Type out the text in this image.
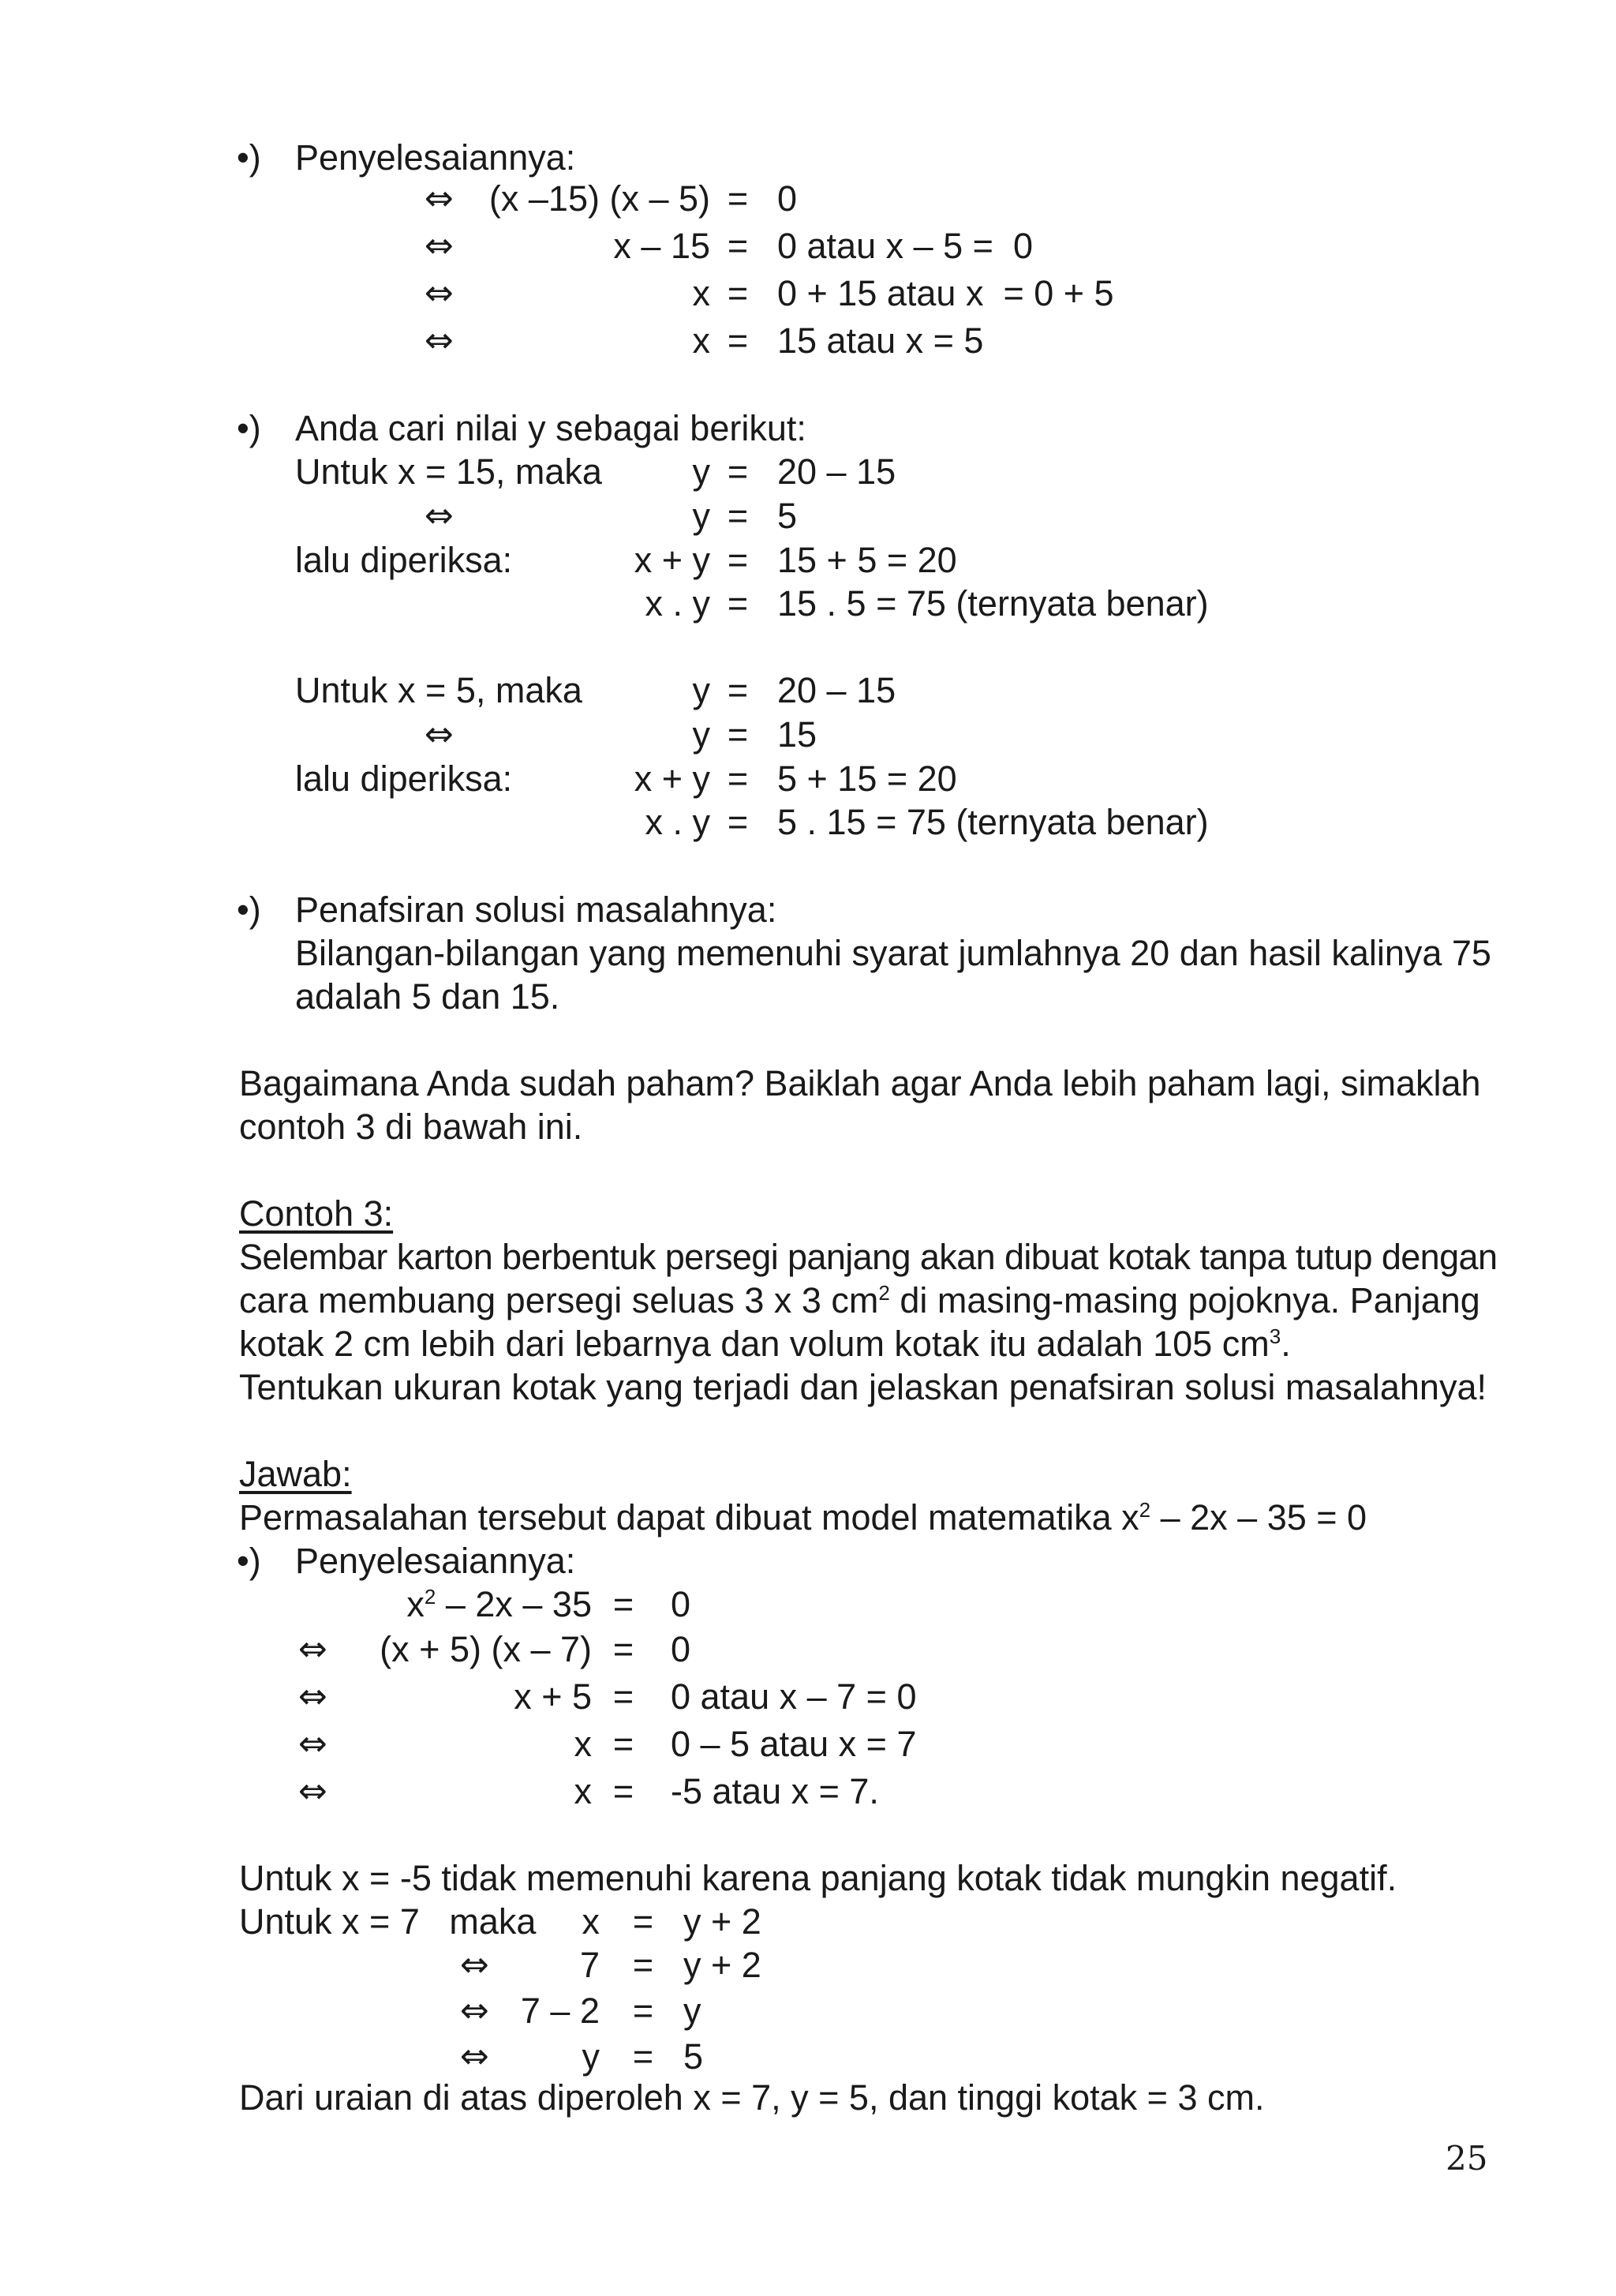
•) Penyelesaiannya:
⇔	(x –15) (x – 5) = 0
⇔	x – 15 = 0 atau x – 5 =  0
⇔	x = 0 + 15 atau x  = 0 + 5
⇔	x = 15 atau x = 5
•) Anda cari nilai y sebagai berikut:
Untuk x = 15, maka	y = 20 – 15
⇔	y = 5
lalu diperiksa:	x + y = 15 + 5 = 20
x . y = 15 . 5 = 75 (ternyata benar)
Untuk x = 5, maka	y = 20 – 15
⇔	y = 15
lalu diperiksa:	x + y = 5 + 15 = 20
x . y = 5 . 15 = 75 (ternyata benar)
•) Penafsiran solusi masalahnya:
Bilangan-bilangan yang memenuhi syarat jumlahnya 20 dan hasil kalinya 75
adalah 5 dan 15.
Bagaimana Anda sudah paham? Baiklah agar Anda lebih paham lagi, simaklah
contoh 3 di bawah ini.
Contoh 3:
Selembar karton berbentuk persegi panjang akan dibuat kotak tanpa tutup dengan
cara membuang persegi seluas 3 x 3 $cm^2$ di masing-masing pojoknya. Panjang
kotak 2 cm lebih dari lebarnya dan volum kotak itu adalah 105 $cm^3$.
Tentukan ukuran kotak yang terjadi dan jelaskan penafsiran solusi masalahnya!
Jawab:
Permasalahan tersebut dapat dibuat model matematika $x^2 - 2x - 35 = 0$
•) Penyelesaiannya:
$x^2 - 2x - 35 = 0$
⇔	(x + 5) (x – 7) = 0
⇔	x + 5 = 0 atau x – 7 = 0
⇔	x = 0 – 5 atau x = 7
⇔	x = -5 atau x = 7.
Untuk x = -5 tidak memenuhi karena panjang kotak tidak mungkin negatif.
Untuk x = 7   maka	x = y + 2
⇔	7 = y + 2
⇔ 7 – 2 = y
⇔	y = 5
Dari uraian di atas diperoleh x = 7, y = 5, dan tinggi kotak = 3 cm.
25
